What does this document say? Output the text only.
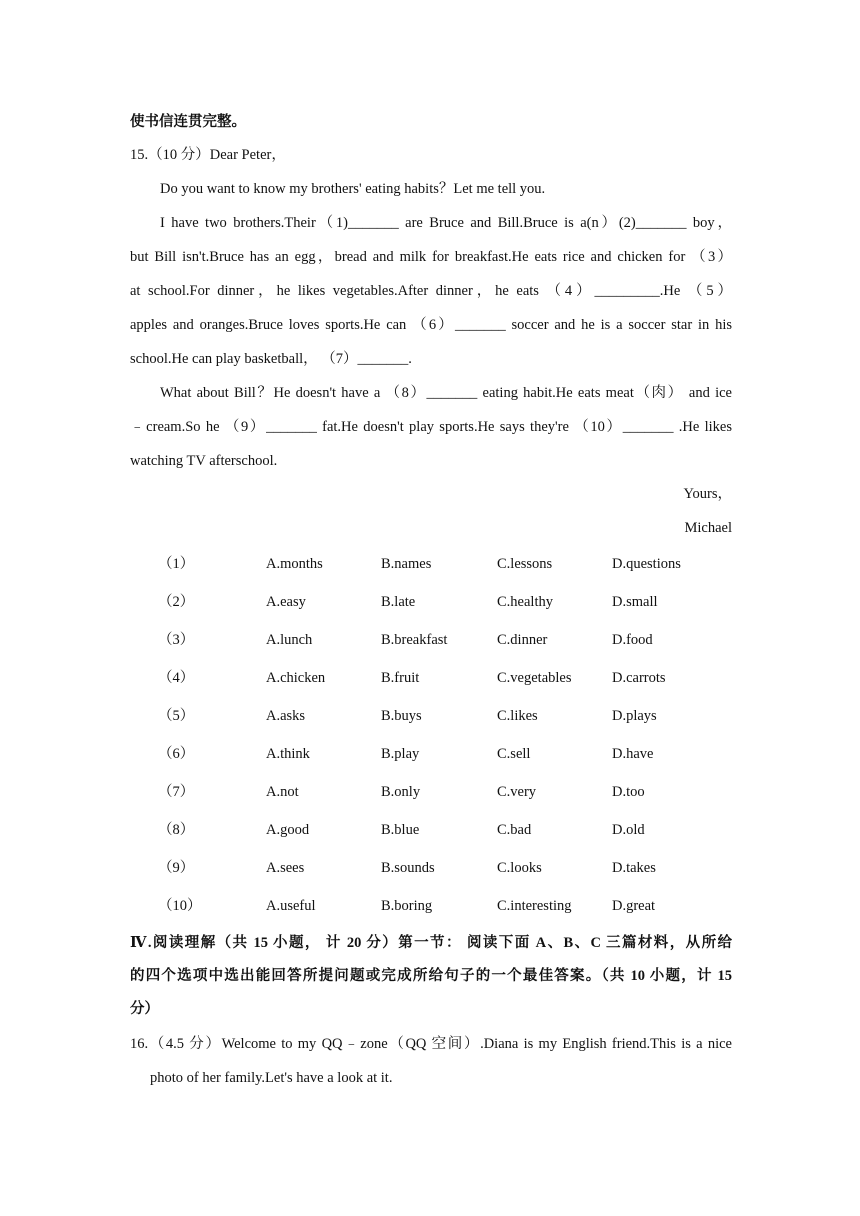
使书信连贯完整。
15.（10 分）Dear Peter，
Do you want to know my brothers' eating habits？Let me tell you.
I have two brothers.Their（1)_______ are Bruce and Bill.Bruce is a(n）(2)_______ boy，
but Bill isn't.Bruce has an egg，bread and milk for breakfast.He eats rice and chicken for （3）
at school.For dinner，he likes vegetables.After dinner，he eats （4）_________.He （5）
apples and oranges.Bruce loves sports.He can （6）_______ soccer and he is a soccer star in his
school.He can play basketball， （7）_______.
What about Bill？He doesn't have a （8）_______ eating habit.He eats meat（肉） and ice
﹣cream.So he （9）_______ fat.He doesn't play sports.He says they're （10）_______ .He likes
watching TV afterschool.
Yours，
Michael
（1）	A.months	B.names	C.lessons	D.questions
（2）	A.easy	B.late	C.healthy	D.small
（3）	A.lunch	B.breakfast	C.dinner	D.food
（4）	A.chicken	B.fruit	C.vegetables	D.carrots
（5）	A.asks	B.buys	C.likes	D.plays
（6）	A.think	B.play	C.sell	D.have
（7）	A.not	B.only	C.very	D.too
（8）	A.good	B.blue	C.bad	D.old
（9）	A.sees	B.sounds	C.looks	D.takes
（10）	A.useful	B.boring	C.interesting	D.great
Ⅳ.阅读理解（共 15 小题， 计 20 分）第一节： 阅读下面 A、B、C 三篇材料，从所给
的四个选项中选出能回答所提问题或完成所给句子的一个最佳答案。（共 10 小题，计 15
分）
16.（4.5 分）Welcome to my QQ﹣zone（QQ 空间）.Diana is my English friend.This is a nice
photo of her family.Let's have a look at it.
